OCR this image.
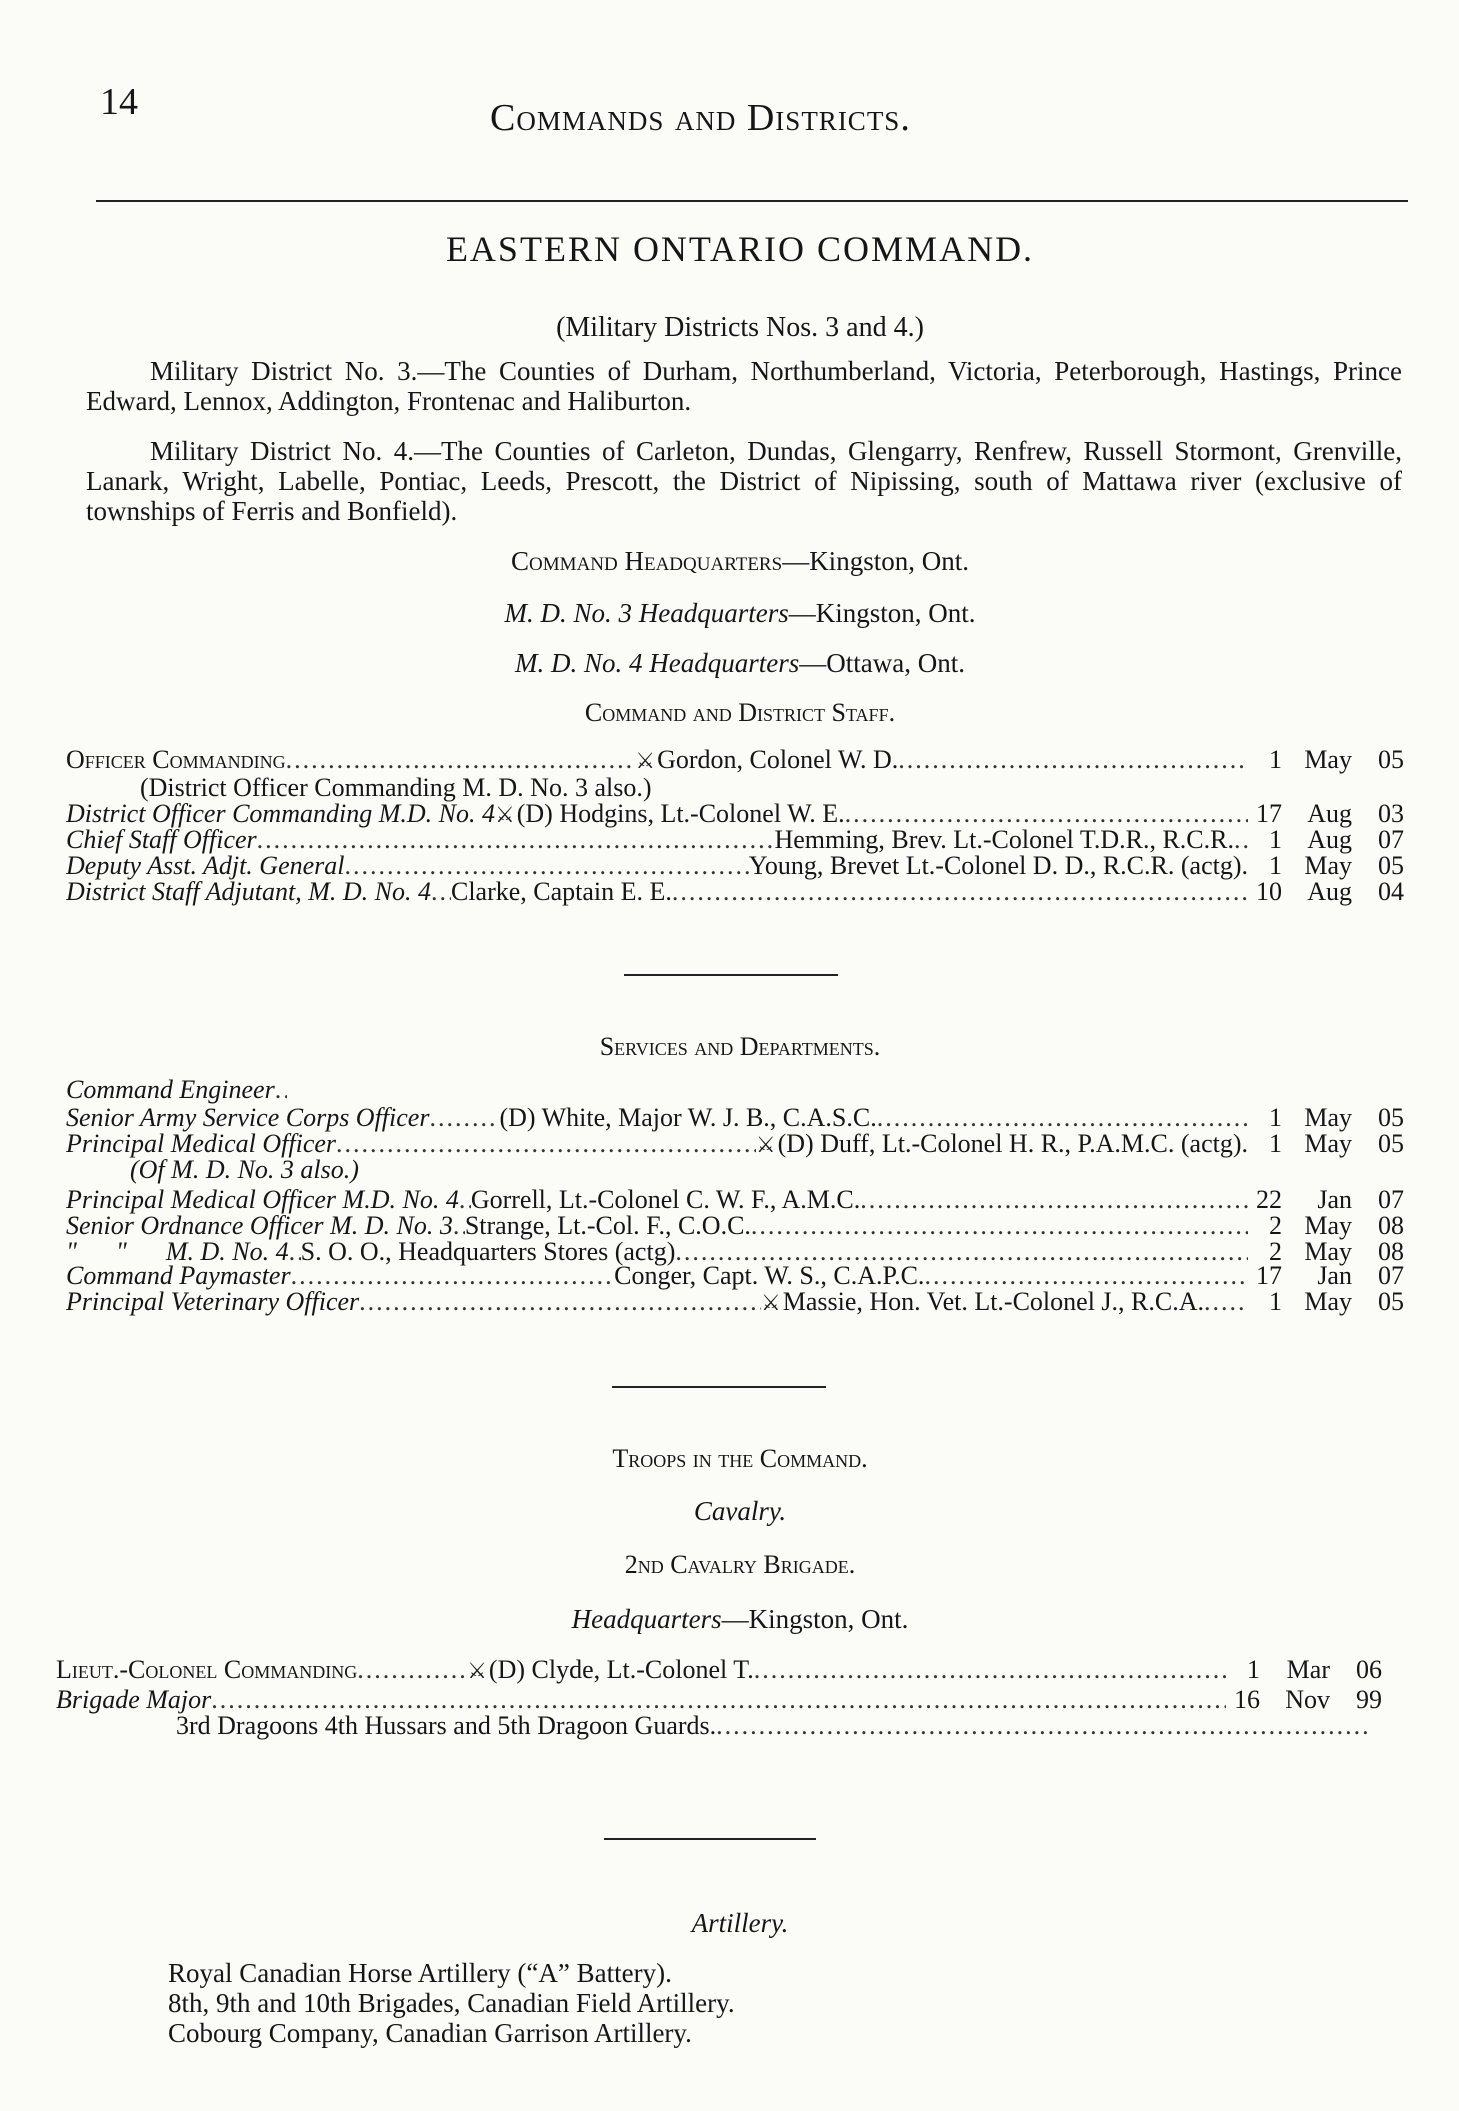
14	Commands and Districts.
EASTERN ONTARIO COMMAND.
(Military Districts Nos. 3 and 4.)
Military District No. 3.—The Counties of Durham, Northumberland, Victoria, Peterborough, Hastings, Prince Edward, Lennox, Addington, Frontenac and Haliburton.
Military District No. 4.—The Counties of Carleton, Dundas, Glengarry, Renfrew, Russell Stormont, Grenville, Lanark, Wright, Labelle, Pontiac, Leeds, Prescott, the District of Nipissing, south of Mattawa river (exclusive of townships of Ferris and Bonfield).
Command Headquarters—Kingston, Ont.
M. D. No. 3 Headquarters—Kingston, Ont.
M. D. No. 4 Headquarters—Ottawa, Ont.
Command and District Staff.
Officer Commanding .....	⚔Gordon, Colonel W. D. .....	1 May	05
(District Officer Commanding M. D. No. 3 also.)
District Officer Commanding M.D. No. 4 ⚔(D) Hodgins, Lt.-Colonel W. E. .....	17 Aug	03
Chief Staff Officer .....	Hemming, Brev. Lt.-Colonel T.D.R., R.C.R. .....	1 Aug	07
Deputy Asst. Adjt. General .....	Young, Brevet Lt.-Colonel D. D., R.C.R. (actg). 1 May	05
District Staff Adjutant, M. D. No. 4 ..... Clarke, Captain E. E. .....	10 Aug	04
Services and Departments.
Command Engineer
.....
Senior Army Service Corps Officer .....	(D) White, Major W. J. B., C.A.S.C. .....	1 May	05
Principal Medical Officer .....	⚔(D) Duff, Lt.-Colonel H. R., P.A.M.C. (actg). 1 May	05
(Of M. D. No. 3 also.)
Principal Medical Officer M.D. No. 4 ..... Gorrell, Lt.-Colonel C. W. F., A.M.C. .....	22	Jan	07
Senior Ordnance Officer M. D. No. 3 ..... Strange, Lt.-Col. F., C.O.C. .....	2 May	08
"      "      M. D. No. 4 ..... S. O. O., Headquarters Stores (actg) .....	2 May	08
Command Paymaster .....	Conger, Capt. W. S., C.A.P.C. .....	17	Jan	07
Principal Veterinary Officer .....	⚔Massie, Hon. Vet. Lt.-Colonel J., R.C.A. .....	1 May	05
Troops in the Command.
Cavalry.
2nd Cavalry Brigade.
Headquarters—Kingston, Ont.
Lieut.-Colonel Commanding .....	⚔(D) Clyde, Lt.-Colonel T. .....	1	Mar	06
Brigade Major .....	16 Nov	99
3rd Dragoons 4th Hussars and 5th Dragoon Guards.
.....
Artillery.
Royal Canadian Horse Artillery (“A” Battery).
8th, 9th and 10th Brigades, Canadian Field Artillery.
Cobourg Company, Canadian Garrison Artillery.
